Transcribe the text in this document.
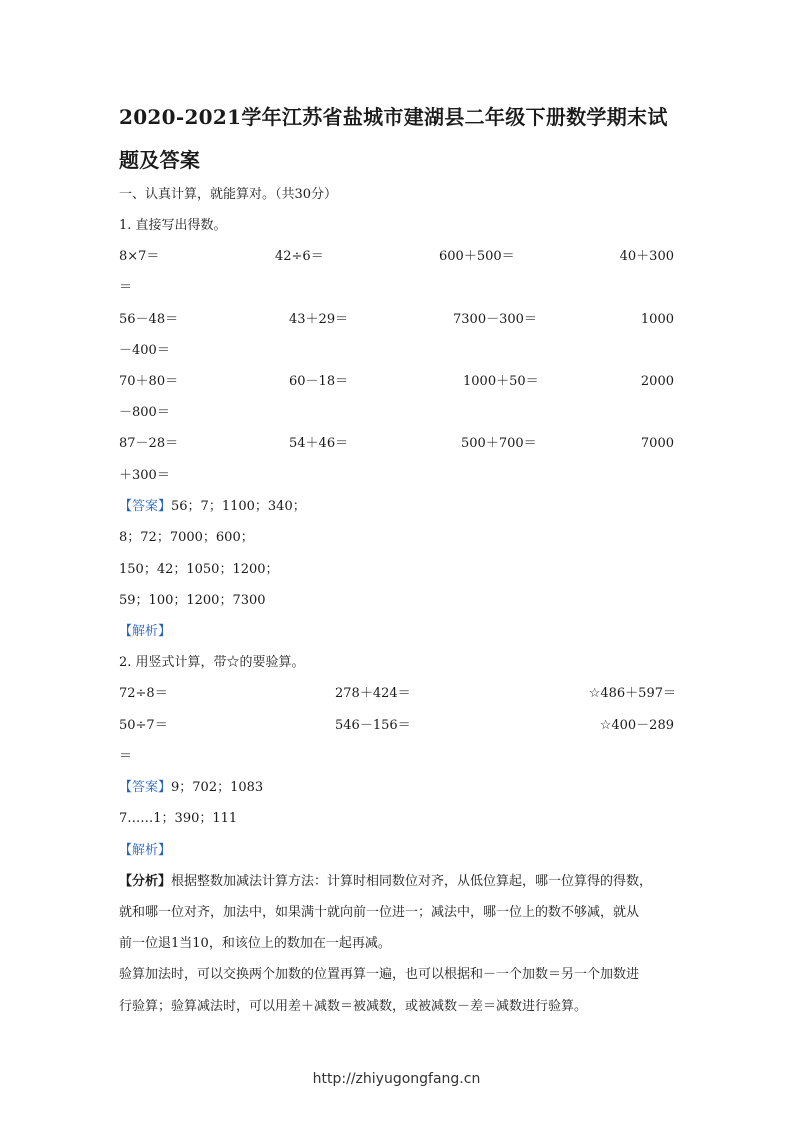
2020-2021学年江苏省盐城市建湖县二年级下册数学期末试
题及答案
一、认真计算，就能算对。（共30分）
1. 直接写出得数。
8×7＝	42÷6＝	600＋500＝	40＋300
＝
56－48＝	43＋29＝	7300－300＝	1000
－400＝
70＋80＝	60－18＝	1000＋50＝	2000
－800＝
87－28＝	54＋46＝	500＋700＝	7000
＋300＝
【答案】56；7；1100；340；
8；72；7000；600；
150；42；1050；1200；
59；100；1200；7300
【解析】
2. 用竖式计算，带☆的要验算。
72÷8＝	278＋424＝	☆486＋597＝
50÷7＝	546－156＝	☆400－289
＝
【答案】9；702；1083
7……1；390；111
【解析】
【分析】根据整数加减法计算方法：计算时相同数位对齐，从低位算起，哪一位算得的得数，
就和哪一位对齐，加法中，如果满十就向前一位进一；减法中，哪一位上的数不够减，就从
前一位退1当10，和该位上的数加在一起再减。
验算加法时，可以交换两个加数的位置再算一遍，也可以根据和－一个加数＝另一个加数进
行验算；验算减法时，可以用差＋减数＝被减数，或被减数－差＝减数进行验算。
http://zhiyugongfang.cn
